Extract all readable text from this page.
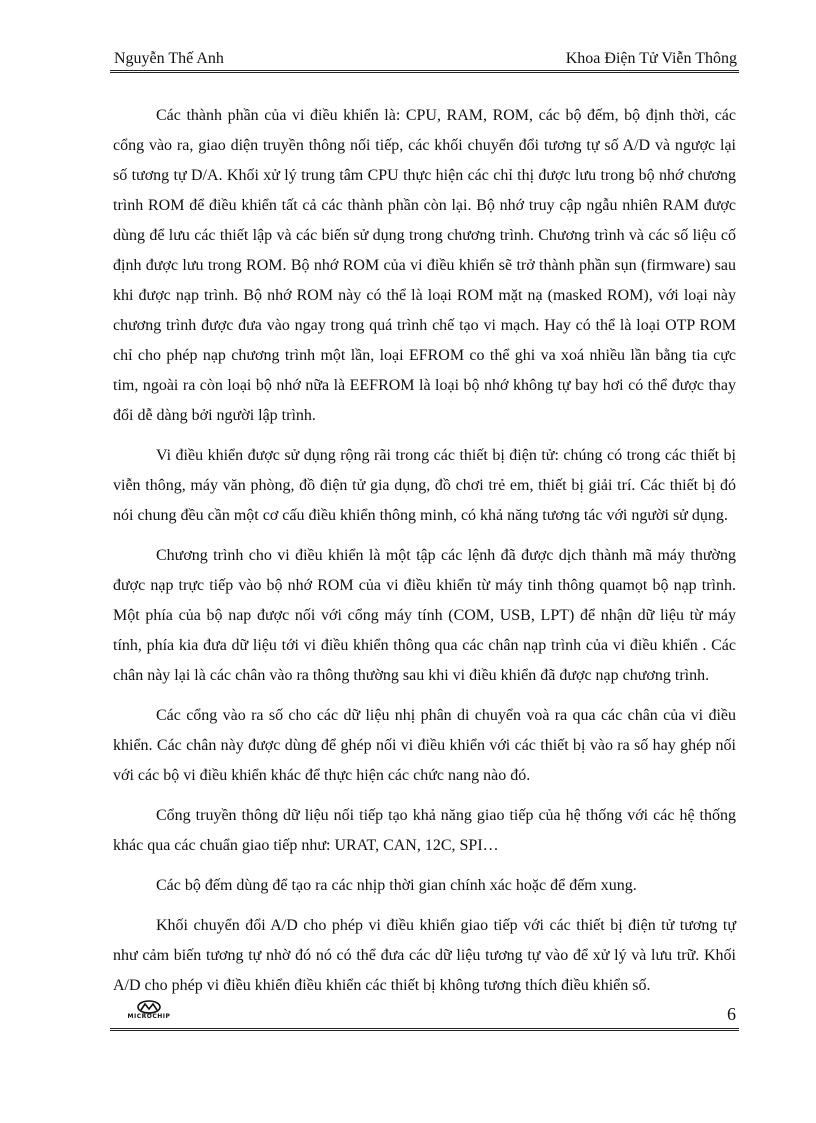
Nguyễn Thế Anh	Khoa Điện Tử Viễn Thông

Các thành phần của vi điều khiển là: CPU, RAM, ROM, các bộ đếm, bộ định thời, các cổng vào ra, giao diện truyền thông nối tiếp, các khối chuyển đổi tương tự số A/D và ngược lại số tương tự D/A. Khối xử lý trung tâm CPU thực hiện các chỉ thị được lưu trong bộ nhớ chương trình ROM để điều khiển tất cả các thành phần còn lại. Bộ nhớ truy cập ngẫu nhiên RAM được dùng để lưu các thiết lập và các biến sử dụng trong chương trình. Chương trình và các số liệu cố định được lưu trong ROM. Bộ nhớ ROM của vi điều khiển sẽ trở thành phần sụn (firmware) sau khi được nạp trình. Bộ nhớ ROM này có thể là loại ROM mặt nạ (masked ROM), với loại này chương trình được đưa vào ngay trong quá trình chế tạo vi mạch. Hay có thể là loại OTP ROM chỉ cho phép nạp chương trình một lần, loại EFROM co thể ghi va xoá nhiều lần bằng tia cực tim, ngoài ra còn loại bộ nhớ nữa là EEFROM là loại bộ nhớ không tự bay hơi có thể được thay đổi dễ dàng bởi người lập trình.

Vi điều khiển được sử dụng rộng rãi trong các thiết bị điện tử: chúng có trong các thiết bị viễn thông, máy văn phòng, đồ điện tử gia dụng, đồ chơi trẻ em, thiết bị giải trí. Các thiết bị đó nói chung đều cần một cơ cấu điều khiển thông minh, có khả năng tương tác với người sử dụng.

Chương trình cho vi điều khiển là một tập các lệnh đã được dịch thành mã máy thường được nạp trực tiếp vào bộ nhớ ROM của vi điều khiển từ máy tinh thông quamọt bộ nạp trình. Một phía của bộ nap được nối với cổng máy tính (COM, USB, LPT) để nhận dữ liệu từ máy tính, phía kia đưa dữ liệu tới vi điều khiển thông qua các chân nạp trình của vi điều khiển . Các chân này lại là các chân vào ra thông thường sau khi vi điều khiển đã được nạp chương trình.

Các cổng vào ra số cho các dữ liệu nhị phân di chuyển voà ra qua các chân của vi điều khiển. Các chân này được dùng để ghép nối vi điều khiển với các thiết bị vào ra số hay ghép nối với các bộ vi điều khiển khác để thực hiện các chức nang nào đó.

Cổng truyền thông dữ liệu nối tiếp tạo khả năng giao tiếp của hệ thống với các hệ thống khác qua các chuẩn giao tiếp như: URAT, CAN, 12C, SPI…

Các bộ đếm dùng để tạo ra các nhịp thời gian chính xác hoặc để đếm xung.

Khối chuyển đổi A/D cho phép vi điều khiển giao tiếp với các thiết bị điện tử tương tự như cảm biến tương tự nhờ đó nó có thể đưa các dữ liệu tương tự vào để xử lý và lưu trữ. Khối A/D cho phép vi điều khiển điều khiển các thiết bị không tương thích điều khiển số.

MICROCHIP	6
